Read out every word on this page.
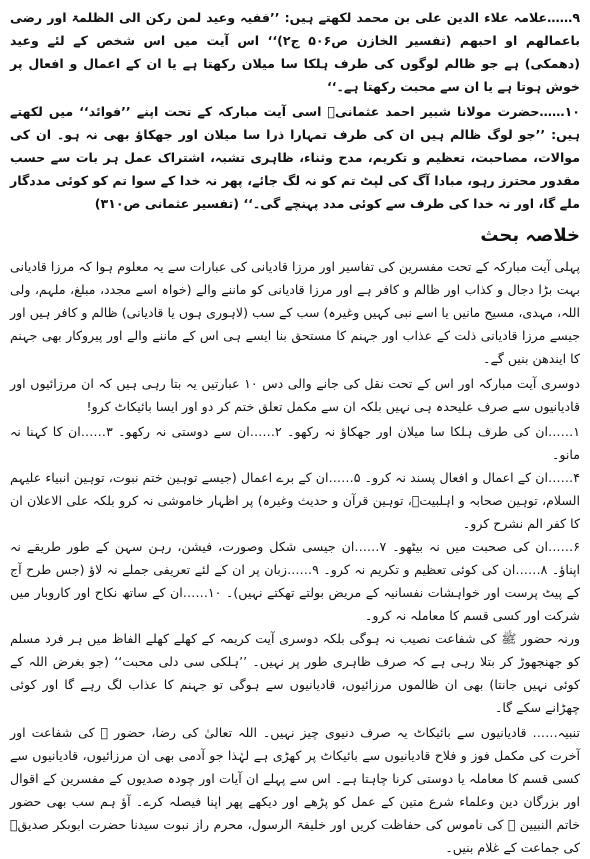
۹……علامہ علاء الدین علی بن محمد لکھتے ہیں: ’’ففیہ وعید لمن رکن الی الظلمۃ اور رضی باعمالھم او احبھم (تفسیر الخازن ص۵۰۶ ج۲)‘‘ اس آیت میں اس شخص کے لئے وعید (دھمکی) ہے جو ظالم لوگوں کی طرف ہلکا سا میلان رکھتا ہے یا ان کے اعمال و افعال پر خوش ہوتا ہے یا ان سے محبت رکھتا ہے۔‘‘

۱۰……حضرت مولانا شبیر احمد عثمانیؒ اسی آیت مبارکہ کے تحت اپنے ’’فوائد‘‘ میں لکھتے ہیں: ’’جو لوگ ظالم ہیں ان کی طرف تمہارا ذرا سا میلان اور جھکاؤ بھی نہ ہو۔ ان کی موالات، مصاحبت، تعظیم و تکریم، مدح وثناء، ظاہری تشبہ، اشتراک عمل ہر بات سے حسب مقدور محترز رہو، مبادا آگ کی لپٹ تم کو نہ لگ جائے، پھر نہ خدا کے سوا تم کو کوئی مددگار ملے گا، اور نہ خدا کی طرف سے کوئی مدد پہنچے گی۔‘‘ (تفسیر عثمانی ص۳۱۰)

خلاصہ بحث

پہلی آیت مبارکہ کے تحت مفسرین کی تفاسیر اور مرزا قادیانی کی عبارات سے یہ معلوم ہوا کہ مرزا قادیانی بہت بڑا دجال و کذاب اور ظالم و کافر ہے اور مرزا قادیانی کو ماننے والے (خواہ اسے مجدد، مبلغ، ملہم، ولی اللہ، مہدی، مسیح مانیں یا اسے نبی کہیں وغیرہ) سب کے سب (لاہوری ہوں یا قادیانی) ظالم و کافر ہیں اور جیسے مرزا قادیانی ذلت کے عذاب اور جہنم کا مستحق بنا ایسے ہی اس کے ماننے والے اور پیروکار بھی جہنم کا ایندھن بنیں گے۔

دوسری آیت مبارکہ اور اس کے تحت نقل کی جانے والی دس ۱۰ عبارتیں یہ بتا رہی ہیں کہ ان مرزائیوں اور قادیانیوں سے صرف علیحدہ ہی نہیں بلکہ ان سے مکمل تعلق ختم کر دو اور ایسا بائیکاٹ کرو!

۱……ان کی طرف ہلکا سا میلان اور جھکاؤ نہ رکھو۔ ۲……ان سے دوستی نہ رکھو۔ ۳……ان کا کہنا نہ مانو۔
۴……ان کے اعمال و افعال پسند نہ کرو۔ ۵……ان کے برے اعمال (جیسے توہین ختم نبوت، توہین انبیاء علیہم السلام، توہین صحابہ و اہلبیتؓ، توہین قرآن و حدیث وغیرہ) پر اظہار خاموشی نہ کرو بلکہ علی الاعلان ان کا کفر الم نشرح کرو۔
۶……ان کی صحبت میں نہ بیٹھو۔ ۷……ان جیسی شکل وصورت، فیشن، رہن سہن کے طور طریقے نہ اپناؤ۔ ۸……ان کی کوئی تعظیم و تکریم نہ کرو۔ ۹……زبان پر ان کے لئے تعریفی جملے نہ لاؤ (جس طرح آج کے پیٹ پرست اور خواہشات نفسانیہ کے مریض بولتے تھکتے نہیں)۔ ۱۰……ان کے ساتھ نکاح اور کاروبار میں شرکت اور کسی قسم کا معاملہ نہ کرو۔

ورنہ حضور ﷺ کی شفاعت نصیب نہ ہوگی بلکہ دوسری آیت کریمہ کے کھلے کھلے الفاظ میں ہر فرد مسلم کو جھنجھوڑ کر بتلا رہی ہے کہ صرف ظاہری طور پر نہیں۔ ’’ہلکی سی دلی محبت‘‘ (جو بغرض اللہ کے کوئی نہیں جانتا) بھی ان ظالموں مرزائیوں، قادیانیوں سے ہوگی تو جہنم کا عذاب لگ رہے گا اور کوئی چھڑانے سکے گا۔

تنبیہ…… قادیانیوں سے بائیکاٹ یہ صرف دنیوی چیز نہیں۔ اللہ تعالیٰ کی رضا، حضور ﷺ کی شفاعت اور آخرت کی مکمل فوز و فلاح قادیانیوں سے بائیکاٹ پر کھڑی ہے لہٰذا جو آدمی بھی ان مرزائیوں، قادیانیوں سے کسی قسم کا معاملہ یا دوستی کرنا چاہتا ہے۔ اس سے پہلے ان آیات اور چودہ صدیوں کے مفسرین کے اقوال اور بزرگان دین وعلماء شرع متین کے عمل کو پڑھے اور دیکھے پھر اپنا فیصلہ کرے۔ آؤ ہم سب بھی حضور خاتم النبیین ﷺ کی ناموس کی حفاظت کریں اور خلیفۃ الرسول، محرم راز نبوت سیدنا حضرت ابوبکر صدیقؓ کی جماعت کے غلام بنیں۔
